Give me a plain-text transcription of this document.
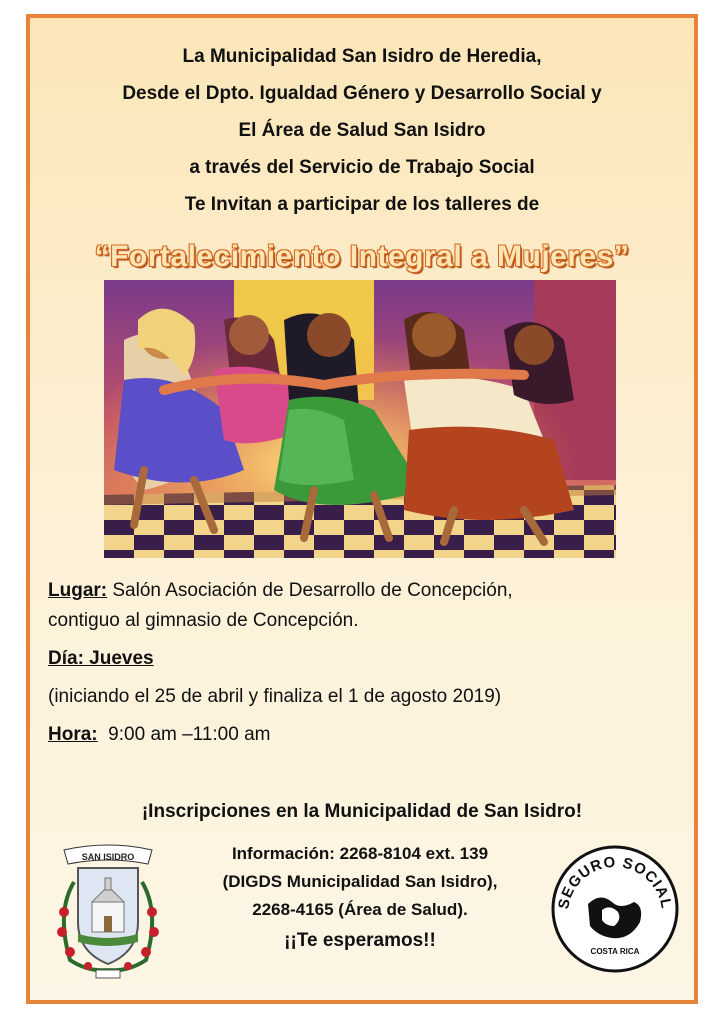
La Municipalidad San Isidro de Heredia,
Desde el Dpto. Igualdad Género y Desarrollo Social y
El Área de Salud San Isidro
a través del Servicio de Trabajo Social
Te Invitan a participar de los talleres de
“Fortalecimiento Integral a Mujeres”
Lugar: Salón Asociación de Desarrollo de Concepción,
contiguo al gimnasio de Concepción.
Día: Jueves
(iniciando el 25 de abril y finaliza el 1 de agosto 2019)
Hora:  9:00 am –11:00 am
¡Inscripciones en la Municipalidad de San Isidro!
SAN ISIDRO	Información: 2268-8104 ext. 139
(DIGDS Municipalidad San Isidro),
2268-4165 (Área de Salud).
¡¡Te esperamos!!
SEGURO SOCIAL
COSTA RICA
